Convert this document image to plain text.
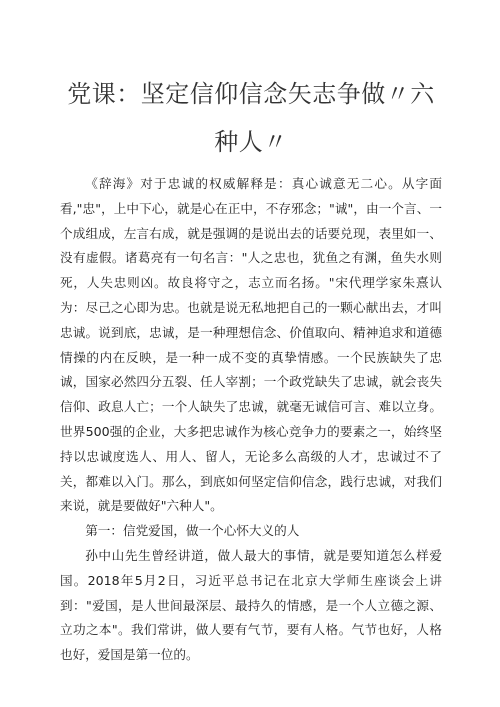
党课：坚定信仰信念矢志争做〃六种人〃

《辞海》对于忠诚的权威解释是：真心诚意无二心。从字面看,"忠"，上中下心，就是心在正中，不存邪念；"诚"，由一个言、一个成组成，左言右成，就是强调的是说出去的话要兑现，表里如一、没有虚假。诸葛亮有一句名言："人之忠也，犹鱼之有渊，鱼失水则死，人失忠则凶。故良将守之，志立而名扬。"宋代理学家朱熹认为：尽己之心即为忠。也就是说无私地把自己的一颗心献出去，才叫忠诚。说到底，忠诚，是一种理想信念、价值取向、精神追求和道德情操的内在反映，是一种一成不变的真挚情感。一个民族缺失了忠诚，国家必然四分五裂、任人宰割；一个政党缺失了忠诚，就会丧失信仰、政息人亡；一个人缺失了忠诚，就毫无诚信可言、难以立身。世界500强的企业，大多把忠诚作为核心竞争力的要素之一，始终坚持以忠诚度选人、用人、留人，无论多么高级的人才，忠诚过不了关，都难以入门。那么，到底如何坚定信仰信念，践行忠诚，对我们来说，就是要做好"六种人"。

第一：信党爱国，做一个心怀大义的人

孙中山先生曾经讲道，做人最大的事情，就是要知道怎么样爱国。2018年5月2日，习近平总书记在北京大学师生座谈会上讲到："爱国，是人世间最深层、最持久的情感，是一个人立德之源、立功之本"。我们常讲，做人要有气节，要有人格。气节也好，人格也好，爱国是第一位的。
